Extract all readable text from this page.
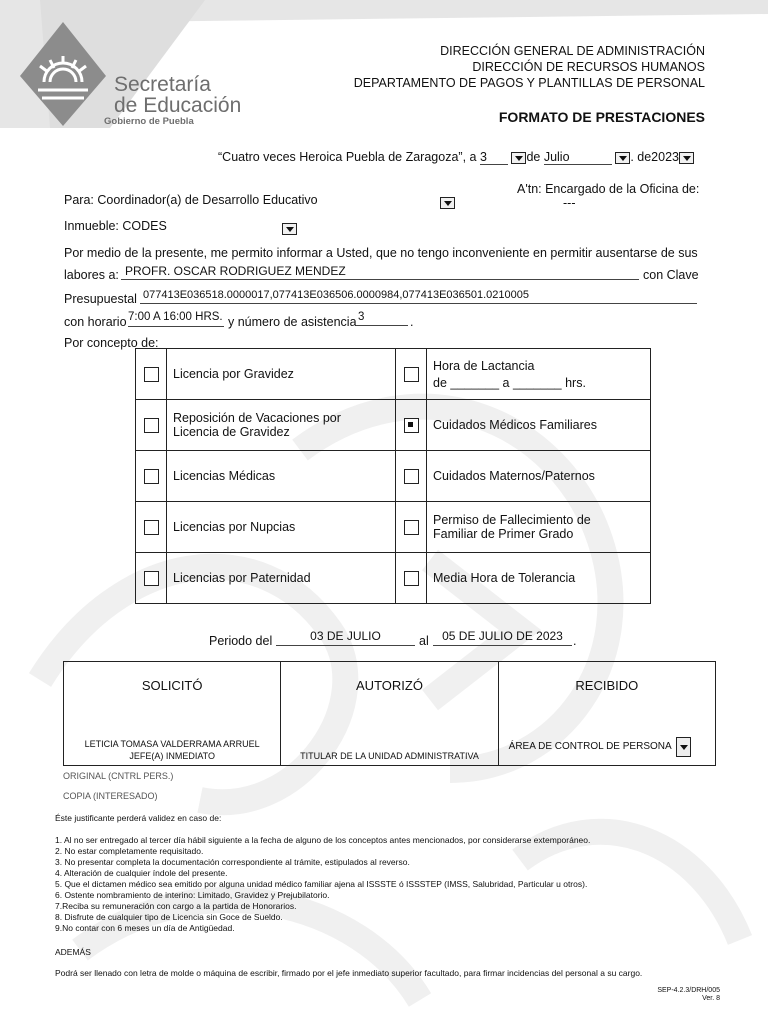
Secretaría
de Educación
Gobierno de Puebla
DIRECCIÓN GENERAL DE ADMINISTRACIÓN
DIRECCIÓN DE RECURSOS HUMANOS
DEPARTAMENTO DE PAGOS Y PLANTILLAS DE PERSONAL
FORMATO DE PRESTACIONES
“Cuatro veces Heroica Puebla de Zaragoza”, a 3	de Julio	. de2023
Para: Coordinador(a) de Desarrollo Educativo

A'tn: Encargado de la Oficina de:
---
Inmueble: CODES
Por medio de la presente, me permito informar a Usted, que no tengo inconveniente en permitir ausentarse de sus
labores a: PROFR. OSCAR RODRIGUEZ MENDEZ	con Clave
Presupuestal 077413E036518.0000017,077413E036506.0000984,077413E036501.0210005
con horario 7:00 A 16:00 HRS. y número de asistencia 3	.
Por concepto de:
	Licencia por Gravidez		Hora de Lactancia
de _______ a _______ hrs.

	Reposición de Vacaciones por
Licencia de Gravidez		Cuidados Médicos Familiares
	Licencias Médicas		Cuidados Maternos/Paternos
	Licencias por Nupcias		Permiso de Fallecimiento de
Familiar de Primer Grado

	Licencias por Paternidad		Media Hora de Tolerancia
Periodo del	03 DE JULIO	al	05 DE JULIO DE 2023 .
SOLICITÓ
LETICIA TOMASA VALDERRAMA ARRUEL
JEFE(A) INMEDIATO

AUTORIZÓ
TITULAR DE LA UNIDAD ADMINISTRATIVA

RECIBIDO
ÁREA DE CONTROL DE PERSONA
ORIGINAL (CNTRL PERS.)
COPIA (INTERESADO)
Éste justificante perderá validez en caso de:
1. Al no ser entregado al tercer día hábil siguiente a la fecha de alguno de los conceptos antes mencionados, por considerarse extemporáneo.
2. No estar completamente requisitado.
3. No presentar completa la documentación correspondiente al trámite, estipulados al reverso.
4. Alteración de cualquier índole del presente.
5. Que el dictamen médico sea emitido por alguna unidad médico familiar ajena al ISSSTE ó ISSSTEP (IMSS, Salubridad, Particular u otros).
6. Ostente nombramiento de interino: Limitado, Gravidez y Prejubilatorio.
7.Reciba su remuneración con cargo a la partida de Honorarios.
8. Disfrute de cualquier tipo de Licencia sin Goce de Sueldo.
9.No contar con 6 meses un día de Antigüedad.
ADEMÁS
Podrá ser llenado con letra de molde o máquina de escribir, firmado por el jefe inmediato superior facultado, para firmar incidencias del personal a su cargo.
SEP-4.2.3/DRH/005
Ver. 8
